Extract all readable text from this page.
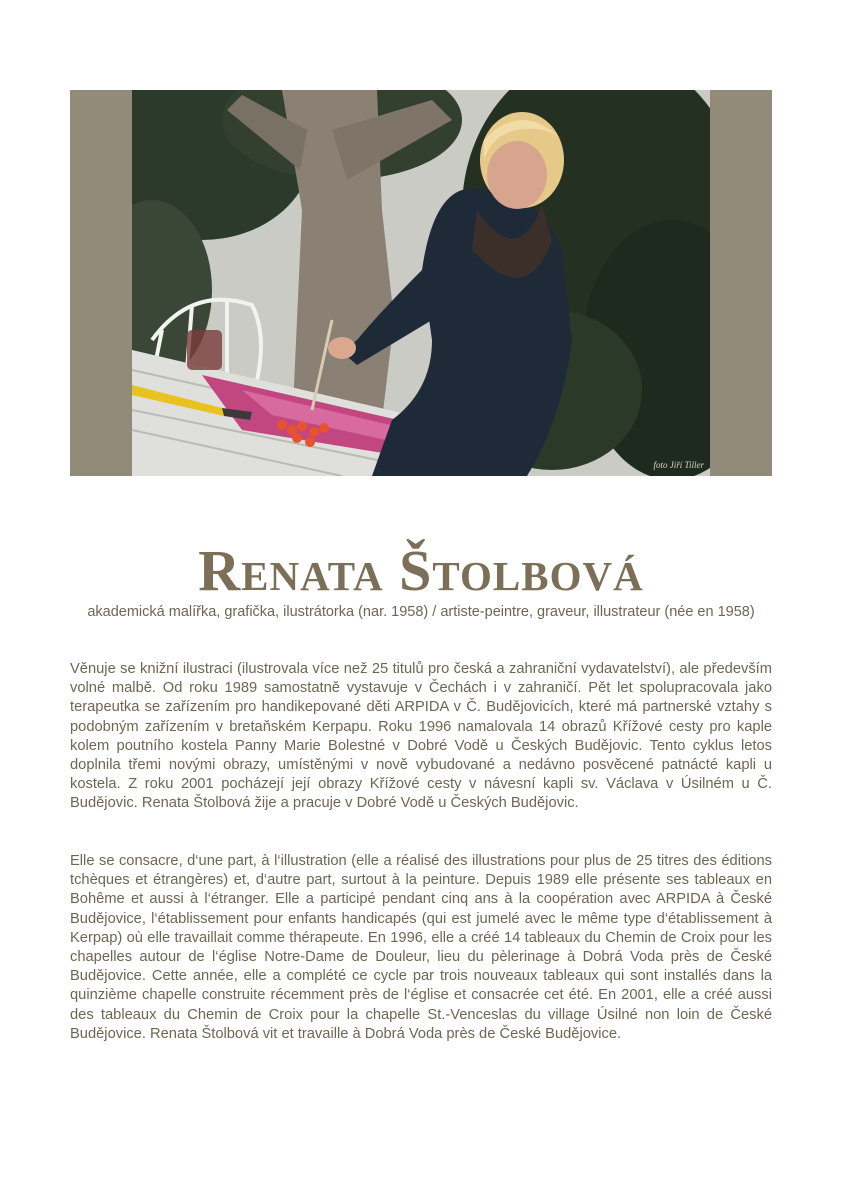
foto Jiří Tiller
Renata Štolbová
akademická malířka, grafička, ilustrátorka (nar. 1958) / artiste-peintre, graveur, illustrateur (née en 1958)

Věnuje se knižní ilustraci (ilustrovala více než 25 titulů pro česká a zahraniční vydavatelství), ale především volné malbě. Od roku 1989 samostatně vystavuje v Čechách i v zahraničí. Pět let spolupracovala jako terapeutka se zařízením pro handikepované děti ARPIDA v Č. Budějovicích, které má partnerské vztahy s podobným zařízením v bretaňském Kerpapu. Roku 1996 namalovala 14 obrazů Křížové cesty pro kaple kolem poutního kostela Panny Marie Bolestné v Dobré Vodě u Českých Budějovic. Tento cyklus letos doplnila třemi novými obrazy, umístěnými v nově vybudované a nedávno posvěcené patnácté kapli u kostela. Z roku 2001 pocházejí její obrazy Křížové cesty v návesní kapli sv. Václava v Úsilném u Č. Budějovic. Renata Štolbová žije a pracuje v Dobré Vodě u Českých Budějovic.

Elle se consacre, d‘une part, à l‘illustration (elle a réalisé des illustrations pour plus de 25 titres des éditions tchèques et étrangères) et, d‘autre part, surtout à la peinture. Depuis 1989 elle présente ses tableaux en Bohême et aussi à l‘étranger. Elle a participé pendant cinq ans à la coopération avec ARPIDA à České Budějovice, l‘établissement pour enfants handicapés (qui est jumelé avec le même type d‘établissement à Kerpap) où elle travaillait comme thérapeute. En 1996, elle a créé 14 tableaux du Chemin de Croix pour les chapelles autour de l‘église Notre-Dame de Douleur, lieu du pèlerinage à Dobrá Voda près de České Budějovice. Cette année, elle a complété ce cycle par trois nouveaux tableaux qui sont installés dans la quinzième chapelle construite récemment près de l‘église et consacrée cet été. En 2001, elle a créé aussi des tableaux du Chemin de Croix pour la chapelle St.-Venceslas du village Úsilné non loin de České Budějovice. Renata Štolbová vit et travaille à Dobrá Voda près de České Budějovice.
